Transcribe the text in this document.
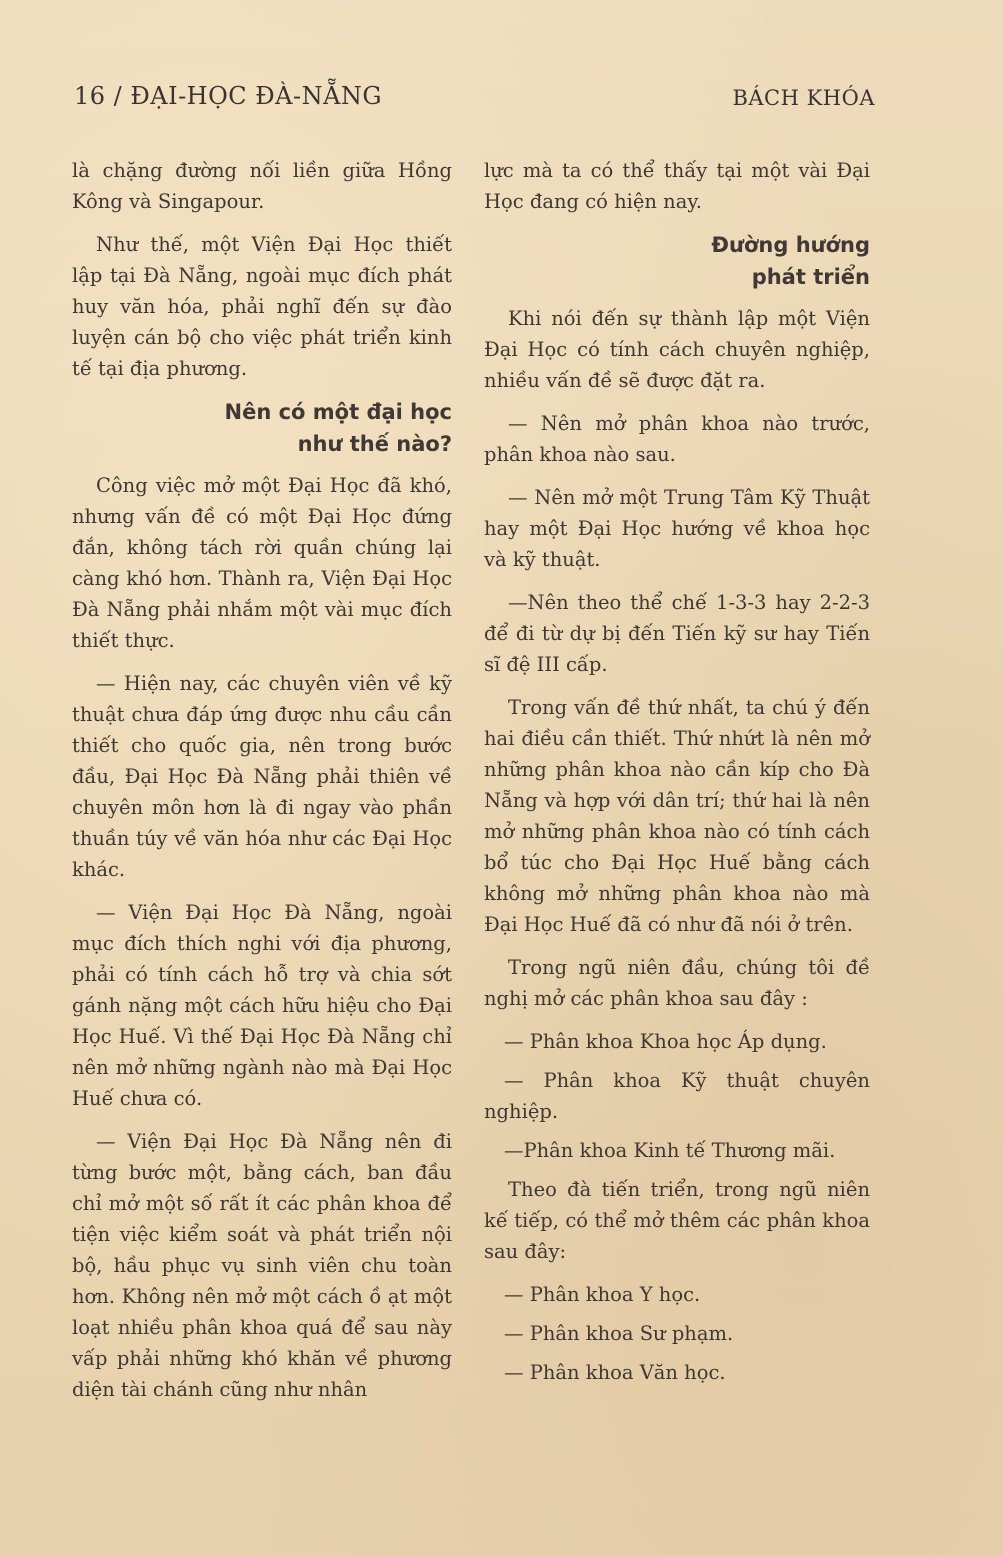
16 / ĐẠI-HỌC ĐÀ-NẴNG	BÁCH KHÓA

là chặng đường nối liền giữa Hồng Kông và Singapour.

Như thế, một Viện Đại Học thiết lập tại Đà Nẵng, ngoài mục đích phát huy văn hóa, phải nghĩ đến sự đào luyện cán bộ cho việc phát triển kinh tế tại địa phương.

Nên có một đại học
như thế nào?

Công việc mở một Đại Học đã khó, nhưng vấn đề có một Đại Học đứng đắn, không tách rời quần chúng lại càng khó hơn. Thành ra, Viện Đại Học Đà Nẵng phải nhắm một vài mục đích thiết thực.

— Hiện nay, các chuyên viên về kỹ thuật chưa đáp ứng được nhu cầu cần thiết cho quốc gia, nên trong bước đầu, Đại Học Đà Nẵng phải thiên về chuyên môn hơn là đi ngay vào phần thuần túy về văn hóa như các Đại Học khác.

— Viện Đại Học Đà Nẵng, ngoài mục đích thích nghi với địa phương, phải có tính cách hỗ trợ và chia sớt gánh nặng một cách hữu hiệu cho Đại Học Huế. Vì thế Đại Học Đà Nẵng chỉ nên mở những ngành nào mà Đại Học Huế chưa có.

— Viện Đại Học Đà Nẵng nên đi từng bước một, bằng cách, ban đầu chỉ mở một số rất ít các phân khoa để tiện việc kiểm soát và phát triển nội bộ, hầu phục vụ sinh viên chu toàn hơn. Không nên mở một cách ồ ạt một loạt nhiều phân khoa quá để sau này vấp phải những khó khăn về phương diện tài chánh cũng như nhân

lực mà ta có thể thấy tại một vài Đại Học đang có hiện nay.

Đường hướng
phát triển

Khi nói đến sự thành lập một Viện Đại Học có tính cách chuyên nghiệp, nhiều vấn đề sẽ được đặt ra.

— Nên mở phân khoa nào trước, phân khoa nào sau.

— Nên mở một Trung Tâm Kỹ Thuật hay một Đại Học hướng về khoa học và kỹ thuật.

—Nên theo thể chế 1-3-3 hay 2-2-3 để đi từ dự bị đến Tiến kỹ sư hay Tiến sĩ đệ III cấp.

Trong vấn đề thứ nhất, ta chú ý đến hai điều cần thiết. Thứ nhứt là nên mở những phân khoa nào cần kíp cho Đà Nẵng và hợp với dân trí; thứ hai là nên mở những phân khoa nào có tính cách bổ túc cho Đại Học Huế bằng cách không mở những phân khoa nào mà Đại Học Huế đã có như đã nói ở trên.

Trong ngũ niên đầu, chúng tôi đề nghị mở các phân khoa sau đây :

— Phân khoa Khoa học Áp dụng.

— Phân khoa Kỹ thuật chuyên nghiệp.

—Phân khoa Kinh tế Thương mãi.

Theo đà tiến triển, trong ngũ niên kế tiếp, có thể mở thêm các phân khoa sau đây:

— Phân khoa Y học.

— Phân khoa Sư phạm.

— Phân khoa Văn học.
